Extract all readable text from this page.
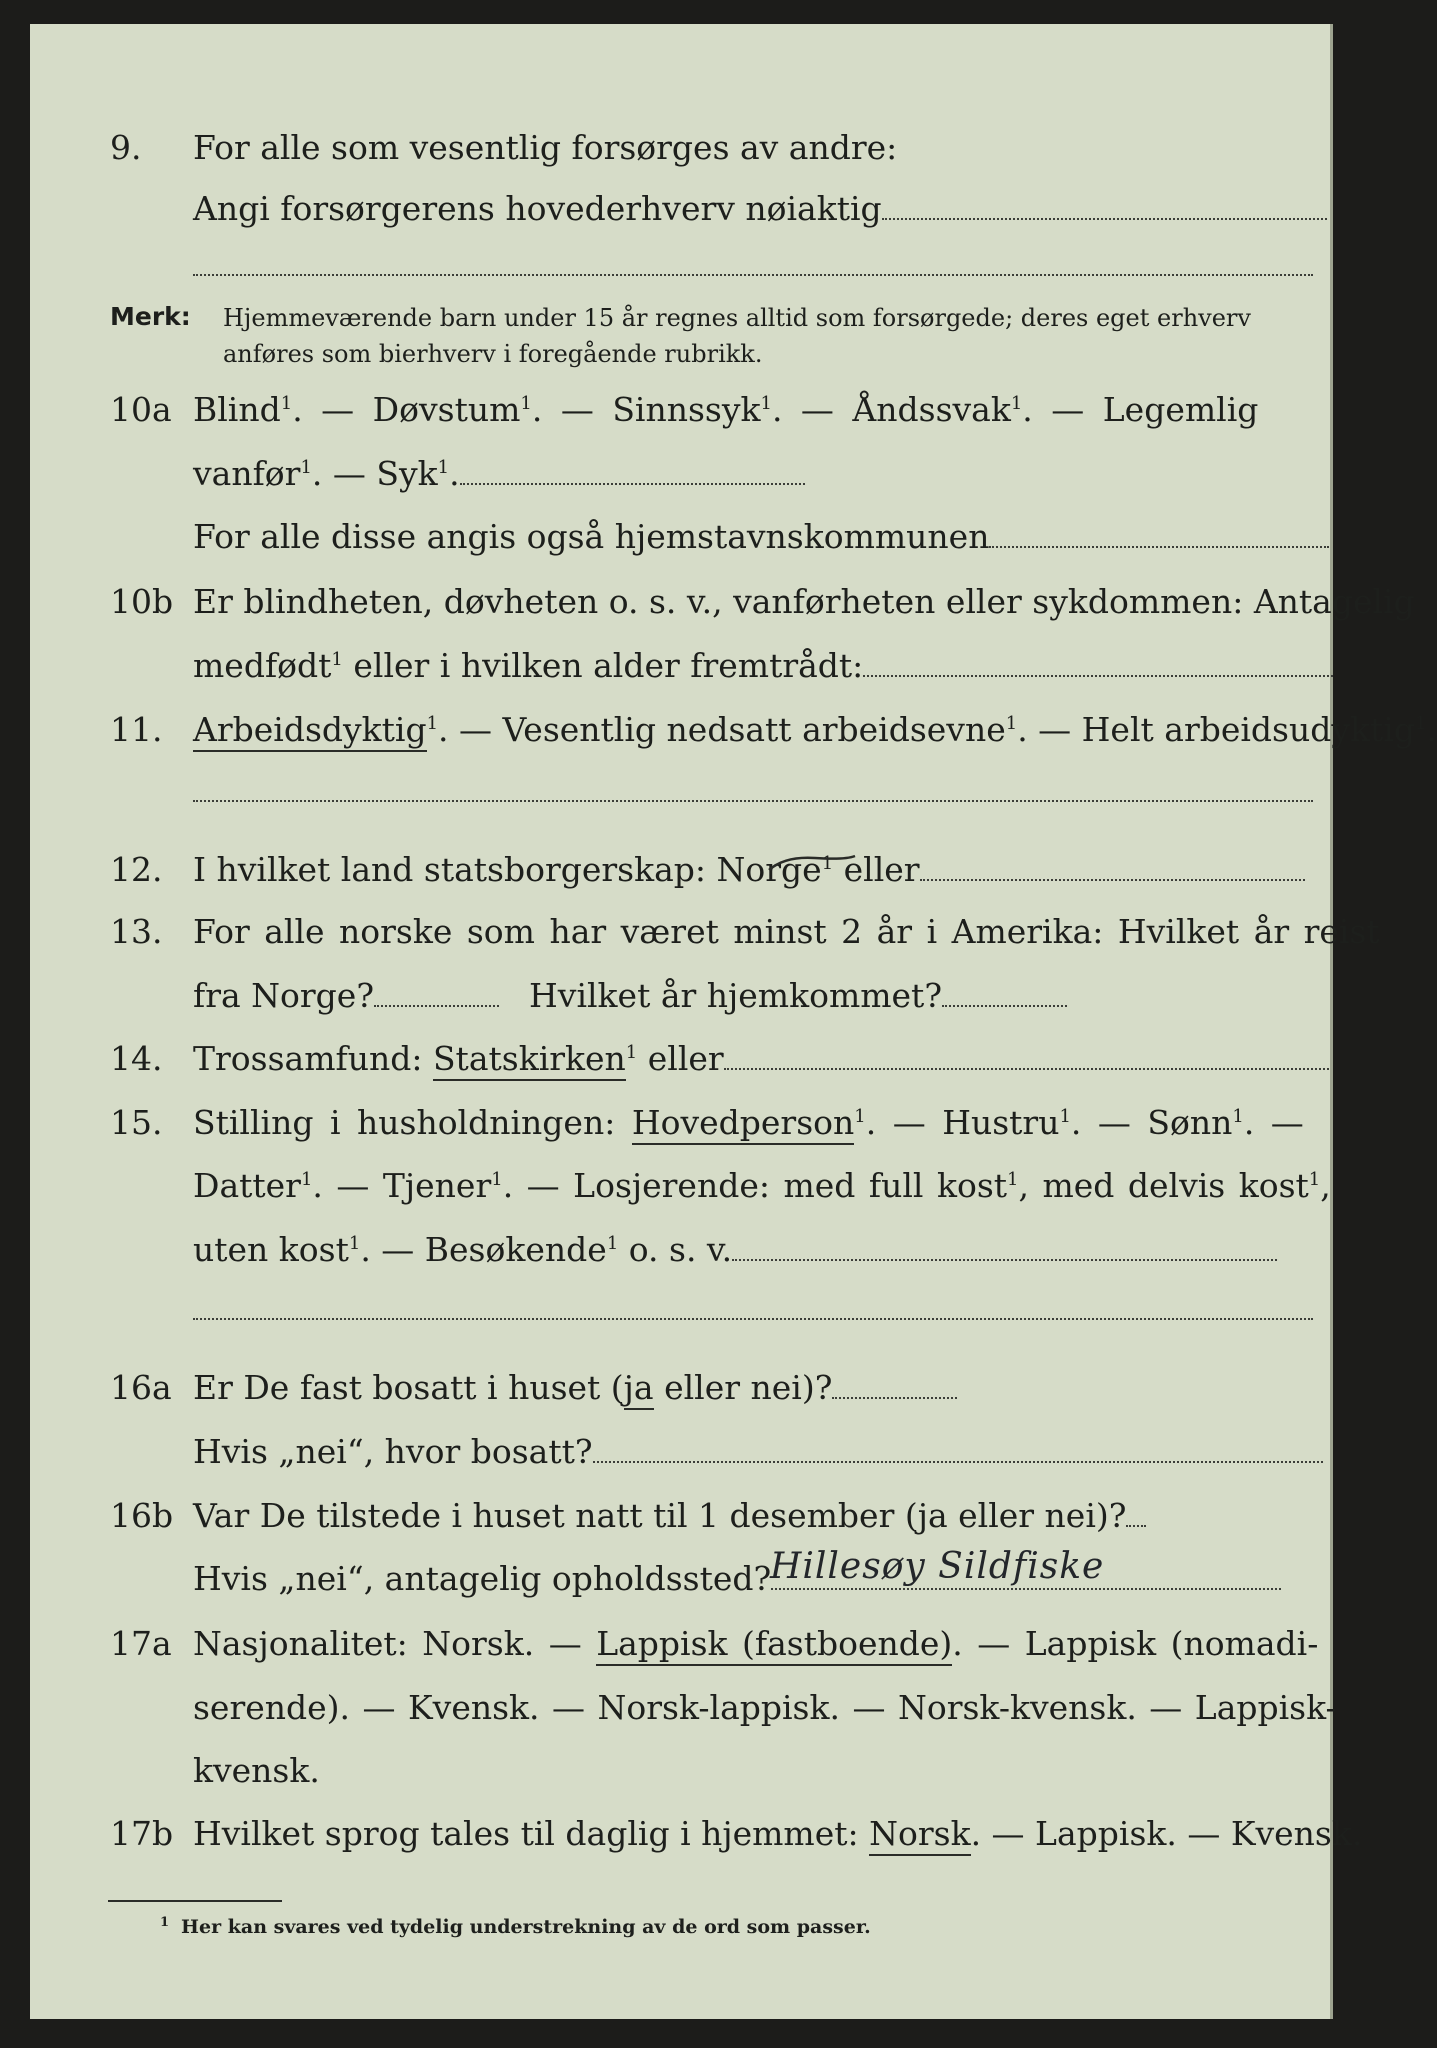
9. For alle som vesentlig forsørges av andre:
Angi forsørgerens hovederhverv nøiaktig
Merk: Hjemmeværende barn under 15 år regnes alltid som forsørgede; deres eget erhverv
anføres som bierhverv i foregående rubrikk.
10a Blind$^1$. — Døvstum$^1$. — Sinnssyk$^1$. — Åndssvak$^1$. — Legemlig
vanfør$^1$. — Syk$^1$.
For alle disse angis også hjemstavnskommunen
10b Er blindheten, døvheten o. s. v., vanførheten eller sykdommen: Antagelig
medfødt$^1$ eller i hvilken alder fremtrådt:
11. Arbeidsdyktig$^1$. — Vesentlig nedsatt arbeidsevne$^1$. — Helt arbeidsudyktig$^1$.
12. I hvilket land statsborgerskap: Norge$^1$ eller
13. For alle norske som har været minst 2 år i Amerika: Hvilket år reist
fra Norge?	Hvilket år hjemkommet?
14. Trossamfund: Statskirken$^1$ eller
15. Stilling i husholdningen: Hovedperson$^1$. — Hustru$^1$. — Sønn$^1$. —
Datter$^1$. — Tjener$^1$. — Losjerende: med full kost$^1$, med delvis kost$^1$,
uten kost$^1$. — Besøkende$^1$ o. s. v.
16a Er De fast bosatt i huset (ja eller nei)?
Hvis „nei“, hvor bosatt?
16b Var De tilstede i huset natt til 1 desember (ja eller nei)?
Hvis „nei“, antagelig opholdssted?
Hillesøy Sildfiske
17a Nasjonalitet: Norsk. — Lappisk (fastboende). — Lappisk (nomadi-
serende). — Kvensk. — Norsk-lappisk. — Norsk-kvensk. — Lappisk-
kvensk.
17b Hvilket sprog tales til daglig i hjemmet: Norsk. — Lappisk. — Kvensk.
$^1$ Her kan svares ved tydelig understrekning av de ord som passer.
